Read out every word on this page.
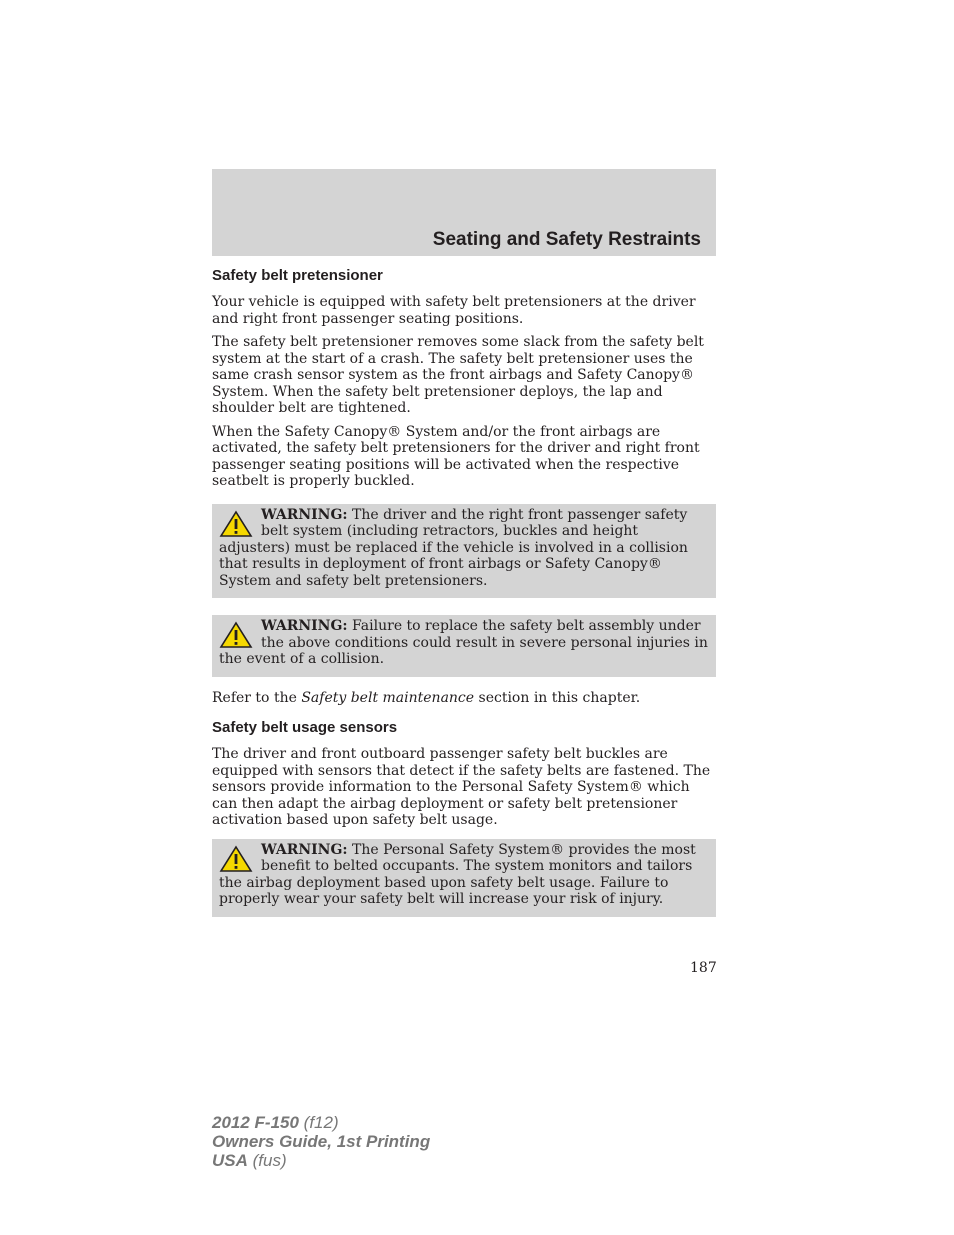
Seating and Safety Restraints
Safety belt pretensioner

Your vehicle is equipped with safety belt pretensioners at the driver and right front passenger seating positions.

The safety belt pretensioner removes some slack from the safety belt system at the start of a crash. The safety belt pretensioner uses the same crash sensor system as the front airbags and Safety Canopy® System. When the safety belt pretensioner deploys, the lap and shoulder belt are tightened.

When the Safety Canopy® System and/or the front airbags are activated, the safety belt pretensioners for the driver and right front passenger seating positions will be activated when the respective seatbelt is properly buckled.

WARNING: The driver and the right front passenger safety belt system (including retractors, buckles and height adjusters) must be replaced if the vehicle is involved in a collision that results in deployment of front airbags or Safety Canopy® System and safety belt pretensioners.
WARNING: Failure to replace the safety belt assembly under the above conditions could result in severe personal injuries in the event of a collision.

Refer to the Safety belt maintenance section in this chapter.

Safety belt usage sensors

The driver and front outboard passenger safety belt buckles are equipped with sensors that detect if the safety belts are fastened. The sensors provide information to the Personal Safety System® which can then adapt the airbag deployment or safety belt pretensioner activation based upon safety belt usage.

WARNING: The Personal Safety System® provides the most benefit to belted occupants. The system monitors and tailors the airbag deployment based upon safety belt usage. Failure to properly wear your safety belt will increase your risk of injury.
187
2012 F-150 (f12)
Owners Guide, 1st Printing
USA (fus)
